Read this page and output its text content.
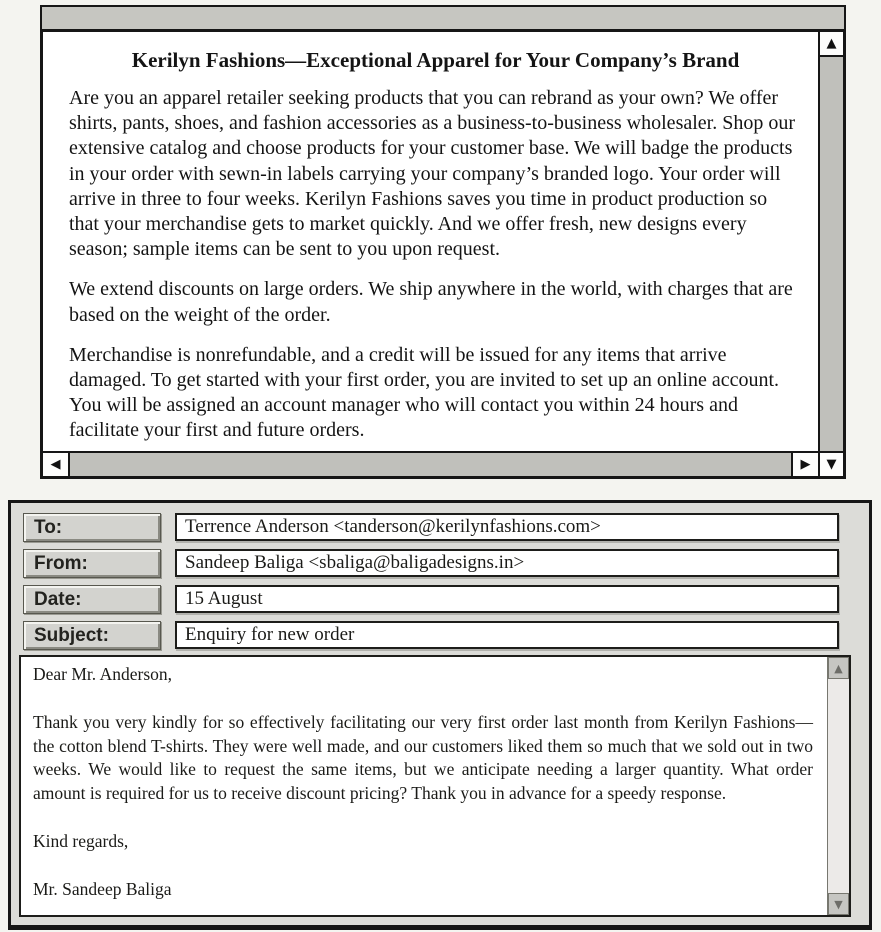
Kerilyn Fashions—Exceptional Apparel for Your Company’s Brand

Are you an apparel retailer seeking products that you can rebrand as your own? We offer shirts, pants, shoes, and fashion accessories as a business-to-business wholesaler. Shop our extensive catalog and choose products for your customer base. We will badge the products in your order with sewn-in labels carrying your company’s branded logo. Your order will arrive in three to four weeks. Kerilyn Fashions saves you time in product production so that your merchandise gets to market quickly. And we offer fresh, new designs every season; sample items can be sent to you upon request.

We extend discounts on large orders. We ship anywhere in the world, with charges that are based on the weight of the order.

Merchandise is nonrefundable, and a credit will be issued for any items that arrive damaged. To get started with your first order, you are invited to set up an online account. You will be assigned an account manager who will contact you within 24 hours and facilitate your first and future orders.

▲
◀	▶ ▼
To:
Terrence Anderson <tanderson@kerilynfashions.com>
From:
Sandeep Baliga <sbaliga@baligadesigns.in>
Date:
15 August
Subject:
Enquiry for new order
Dear Mr. Anderson,
Thank you very kindly for so effectively facilitating our very first order last month from Kerilyn Fashions—the cotton blend T-shirts. They were well made, and our customers liked them so much that we sold out in two weeks. We would like to request the same items, but we anticipate needing a larger quantity. What order amount is required for us to receive discount pricing? Thank you in advance for a speedy response.
Kind regards,
Mr. Sandeep Baliga
▲
▼
